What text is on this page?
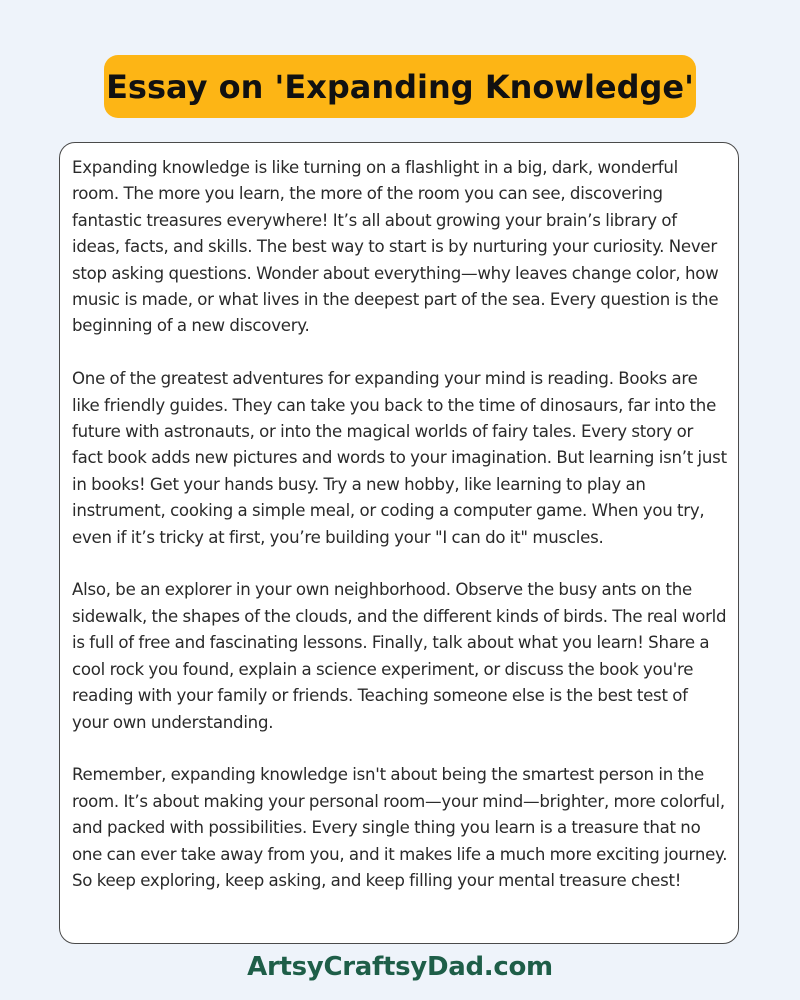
Essay on 'Expanding Knowledge'

Expanding knowledge is like turning on a flashlight in a big, dark, wonderful room. The more you learn, the more of the room you can see, discovering fantastic treasures everywhere! It’s all about growing your brain’s library of ideas, facts, and skills. The best way to start is by nurturing your curiosity. Never stop asking questions. Wonder about everything—why leaves change color, how music is made, or what lives in the deepest part of the sea. Every question is the beginning of a new discovery.

One of the greatest adventures for expanding your mind is reading. Books are like friendly guides. They can take you back to the time of dinosaurs, far into the future with astronauts, or into the magical worlds of fairy tales. Every story or fact book adds new pictures and words to your imagination. But learning isn’t just in books! Get your hands busy. Try a new hobby, like learning to play an instrument, cooking a simple meal, or coding a computer game. When you try, even if it’s tricky at first, you’re building your "I can do it" muscles.

Also, be an explorer in your own neighborhood. Observe the busy ants on the sidewalk, the shapes of the clouds, and the different kinds of birds. The real world is full of free and fascinating lessons. Finally, talk about what you learn! Share a cool rock you found, explain a science experiment, or discuss the book you're reading with your family or friends. Teaching someone else is the best test of your own understanding.

Remember, expanding knowledge isn't about being the smartest person in the room. It’s about making your personal room—your mind—brighter, more colorful, and packed with possibilities. Every single thing you learn is a treasure that no one can ever take away from you, and it makes life a much more exciting journey. So keep exploring, keep asking, and keep filling your mental treasure chest!

ArtsyCraftsyDad.com
